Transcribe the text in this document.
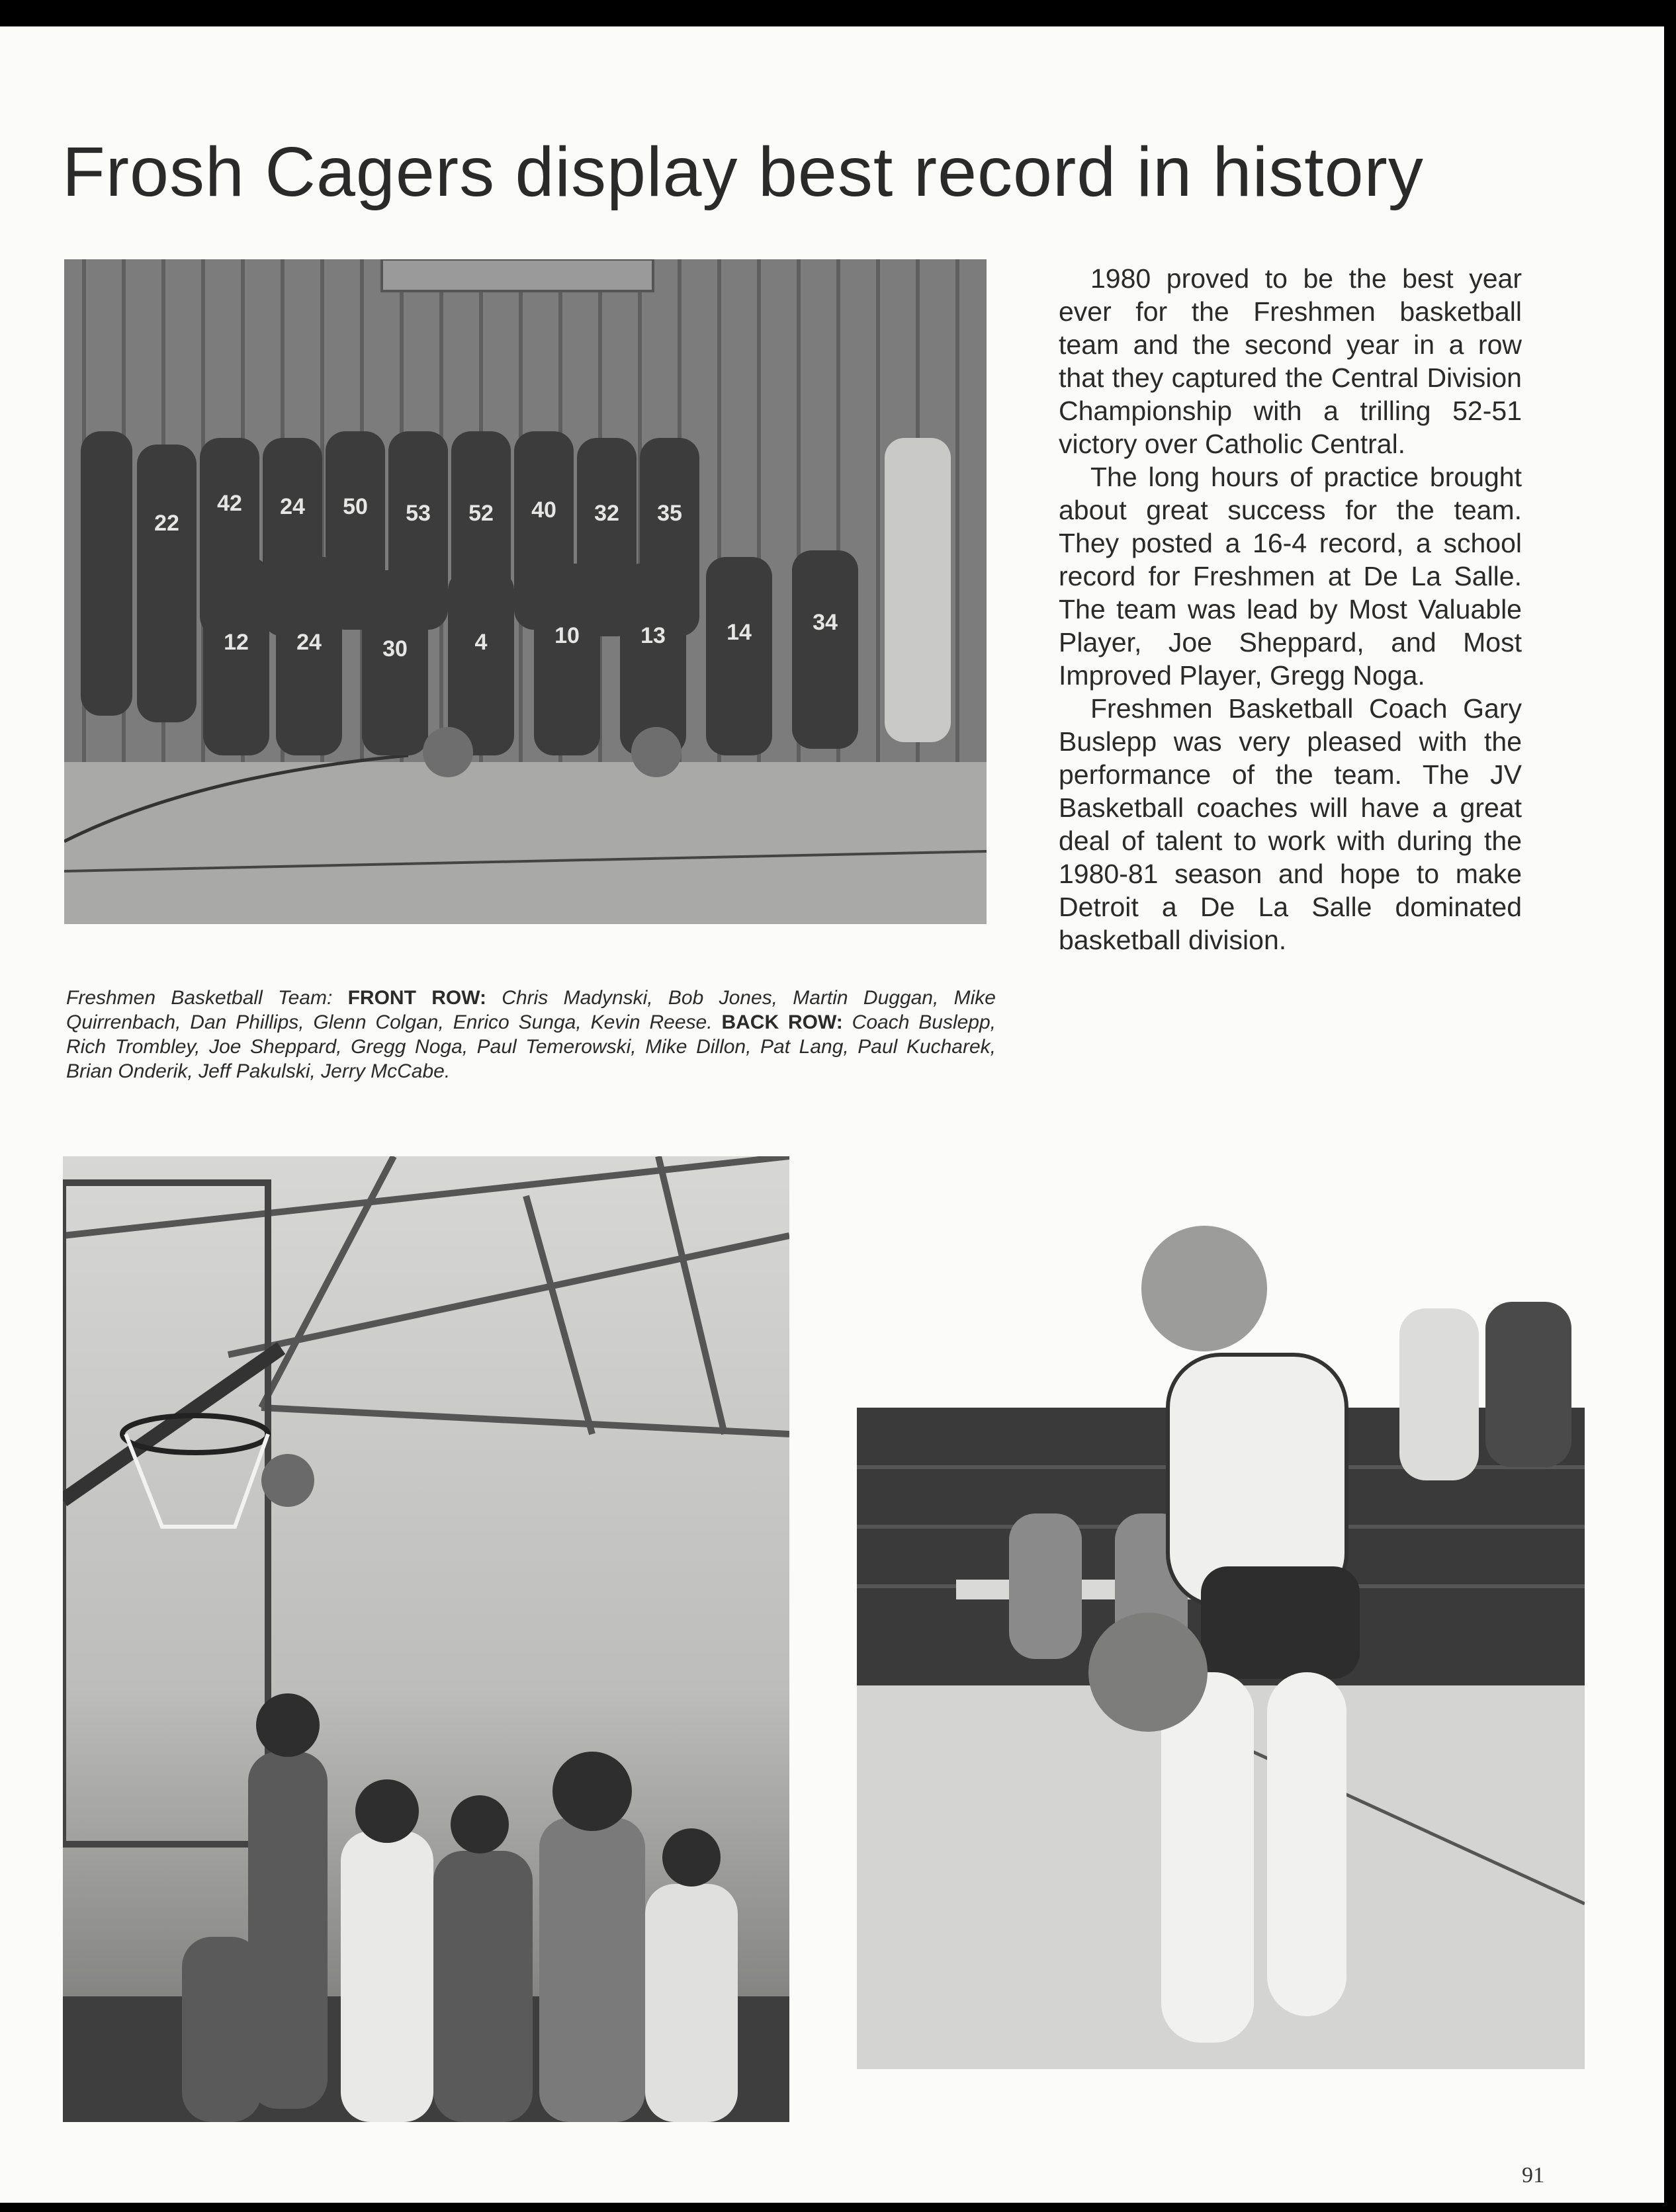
Frosh Cagers display best record in history
22
42 24 50 53 52 40 32 35
12 24	30	4	10	13	14	34
Freshmen Basketball Team: FRONT ROW: Chris Madynski, Bob Jones, Martin Duggan, Mike Quirrenbach, Dan Phillips, Glenn Colgan, Enrico Sunga, Kevin Reese. BACK ROW: Coach Buslepp, Rich Trombley, Joe Sheppard, Gregg Noga, Paul Temerowski, Mike Dillon, Pat Lang, Paul Kucharek, Brian Onderik, Jeff Pakulski, Jerry McCabe.

1980 proved to be the best year ever for the Freshmen basketball team and the second year in a row that they captured the Central Division Championship with a trilling 52-51 victory over Catholic Central.

The long hours of practice brought about great success for the team. They posted a 16-4 record, a school record for Freshmen at De La Salle. The team was lead by Most Valuable Player, Joe Sheppard, and Most Improved Player, Gregg Noga.

Freshmen Basketball Coach Gary Buslepp was very pleased with the performance of the team. The JV Basketball coaches will have a great deal of talent to work with during the 1980-81 season and hope to make Detroit a De La Salle dominated basketball division.

91
